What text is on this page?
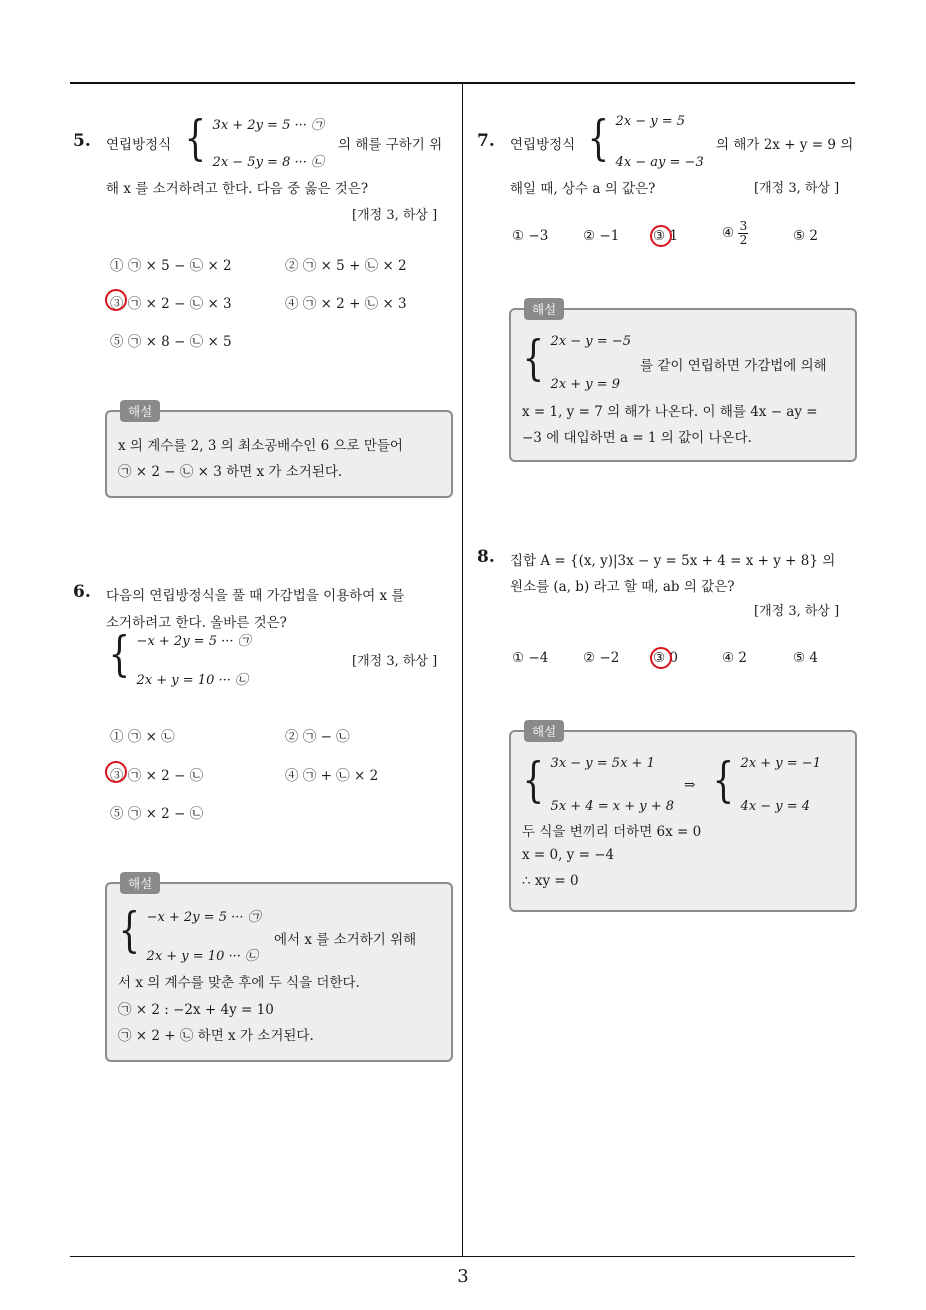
3
5. 연립방정식 { 3x + 2y = 5 ··· ㉠
2x − 5y = 8 ··· ㉡
의 해를 구하기 위
해 x 를 소거하려고 한다. 다음 중 옳은 것은?
[개정 3, 하상 ]
① ㉠ × 5 − ㉡ × 2	② ㉠ × 5 + ㉡ × 2
③ ㉠ × 2 − ㉡ × 3	④ ㉠ × 2 + ㉡ × 3
⑤ ㉠ × 8 − ㉡ × 5
해설
x 의 계수를 2, 3 의 최소공배수인 6 으로 만들어
㉠ × 2 − ㉡ × 3 하면 x 가 소거된다.
6. 다음의 연립방정식을 풀 때 가감법을 이용하여 x 를
소거하려고 한다. 올바른 것은?
{ −x + 2y = 5 ··· ㉠
2x + y = 10 ··· ㉡
[개정 3, 하상 ]
① ㉠ × ㉡	② ㉠ − ㉡
③ ㉠ × 2 − ㉡	④ ㉠ + ㉡ × 2
⑤ ㉠ × 2 − ㉡
해설
{ −x + 2y = 5 ··· ㉠
2x + y = 10 ··· ㉡
에서 x 를 소거하기 위해
서 x 의 계수를 맞춘 후에 두 식을 더한다.
㉠ × 2 : −2x + 4y = 10
㉠ × 2 + ㉡ 하면 x 가 소거된다.
7. 연립방정식 { 2x − y = 5
4x − ay = −3
의 해가 2x + y = 9 의
해일 때, 상수 a 의 값은?	[개정 3, 하상 ]
① −3	② −1 ③ 1	④ $\frac{3}{2}$	⑤ 2
해설
{ 2x − y = −5
2x + y = 9
를 같이 연립하면 가감법에 의해
x = 1, y = 7 의 해가 나온다. 이 해를 4x − ay =
−3 에 대입하면 a = 1 의 값이 나온다.
8. 집합 A = {(x, y)|3x − y = 5x + 4 = x + y + 8} 의
원소를 (a, b) 라고 할 때, ab 의 값은?
[개정 3, 하상 ]
① −4	② −2 ③ 0	④ 2	⑤ 4
해설
{ 3x − y = 5x + 1
5x + 4 = x + y + 8
⇒ { 2x + y = −1
4x − y = 4
두 식을 변끼리 더하면 6x = 0
x = 0, y = −4
∴ xy = 0
